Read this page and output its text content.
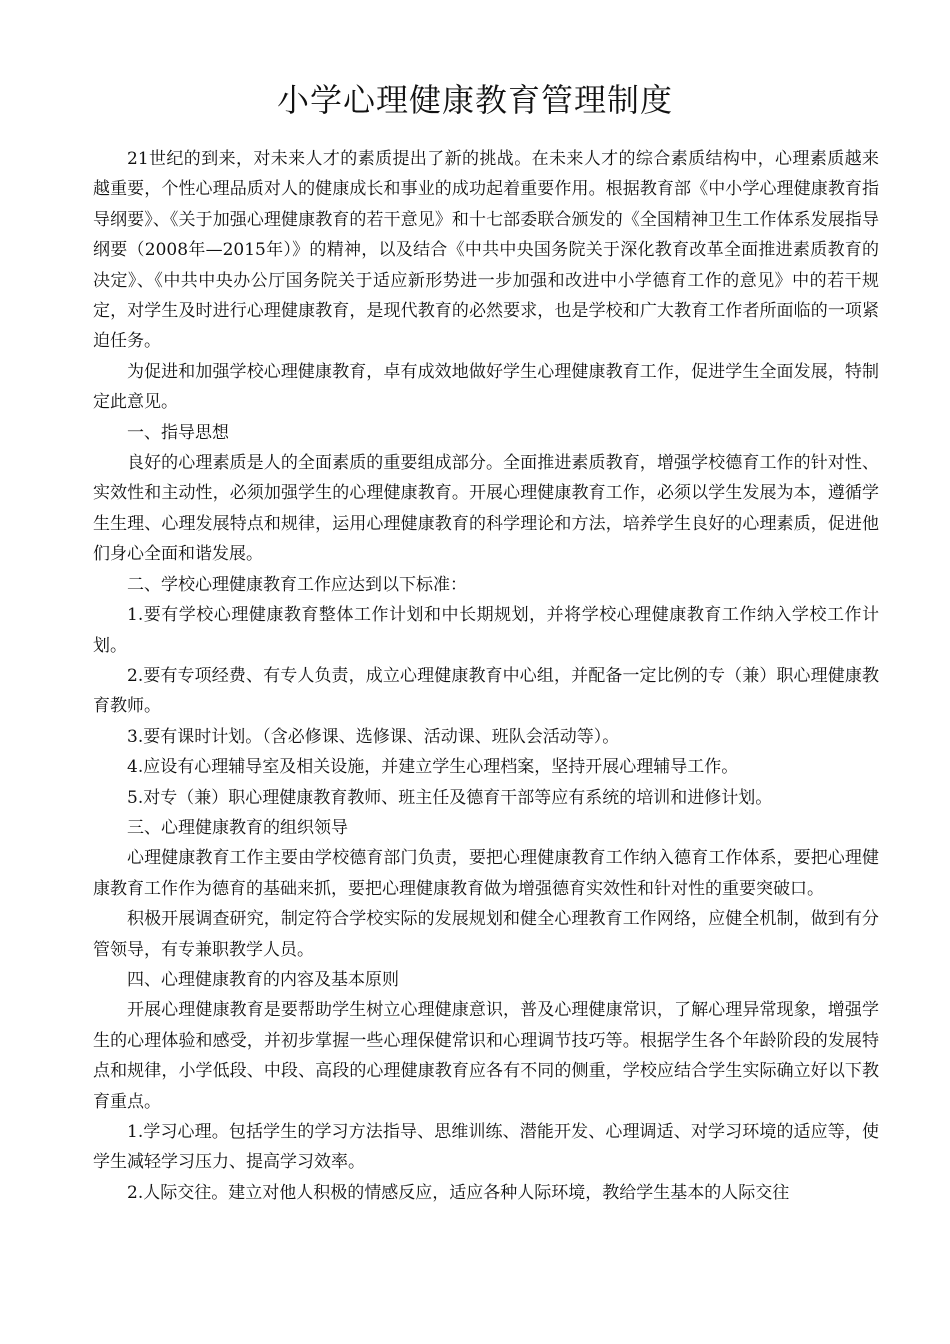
小学心理健康教育管理制度

21世纪的到来，对未来人才的素质提出了新的挑战。在未来人才的综合素质结构中，心理素质越来越重要，个性心理品质对人的健康成长和事业的成功起着重要作用。根据教育部《中小学心理健康教育指导纲要》、《关于加强心理健康教育的若干意见》和十七部委联合颁发的《全国精神卫生工作体系发展指导纲要（2008年—2015年）》的精神，以及结合《中共中央国务院关于深化教育改革全面推进素质教育的决定》、《中共中央办公厅国务院关于适应新形势进一步加强和改进中小学德育工作的意见》中的若干规定，对学生及时进行心理健康教育，是现代教育的必然要求，也是学校和广大教育工作者所面临的一项紧迫任务。

为促进和加强学校心理健康教育，卓有成效地做好学生心理健康教育工作，促进学生全面发展，特制定此意见。

一、指导思想

良好的心理素质是人的全面素质的重要组成部分。全面推进素质教育，增强学校德育工作的针对性、实效性和主动性，必须加强学生的心理健康教育。开展心理健康教育工作，必须以学生发展为本，遵循学生生理、心理发展特点和规律，运用心理健康教育的科学理论和方法，培养学生良好的心理素质，促进他们身心全面和谐发展。

二、学校心理健康教育工作应达到以下标准：

1.要有学校心理健康教育整体工作计划和中长期规划，并将学校心理健康教育工作纳入学校工作计划。

2.要有专项经费、有专人负责，成立心理健康教育中心组，并配备一定比例的专（兼）职心理健康教育教师。

3.要有课时计划。（含必修课、选修课、活动课、班队会活动等）。

4.应设有心理辅导室及相关设施，并建立学生心理档案，坚持开展心理辅导工作。

5.对专（兼）职心理健康教育教师、班主任及德育干部等应有系统的培训和进修计划。

三、心理健康教育的组织领导

心理健康教育工作主要由学校德育部门负责，要把心理健康教育工作纳入德育工作体系，要把心理健康教育工作作为德育的基础来抓，要把心理健康教育做为增强德育实效性和针对性的重要突破口。

积极开展调查研究，制定符合学校实际的发展规划和健全心理教育工作网络，应健全机制，做到有分管领导，有专兼职教学人员。

四、心理健康教育的内容及基本原则

开展心理健康教育是要帮助学生树立心理健康意识，普及心理健康常识，了解心理异常现象，增强学生的心理体验和感受，并初步掌握一些心理保健常识和心理调节技巧等。根据学生各个年龄阶段的发展特点和规律，小学低段、中段、高段的心理健康教育应各有不同的侧重，学校应结合学生实际确立好以下教育重点。

1.学习心理。包括学生的学习方法指导、思维训练、潜能开发、心理调适、对学习环境的适应等，使学生减轻学习压力、提高学习效率。

2.人际交往。建立对他人积极的情感反应，适应各种人际环境，教给学生基本的人际交往
